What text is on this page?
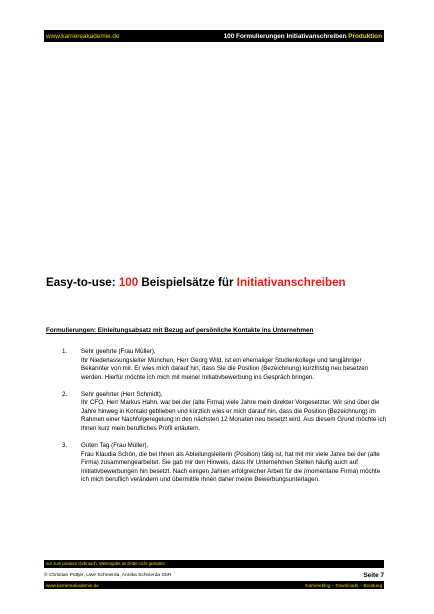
www.karriereakademie.de	100 Formulierungen Initiativanschreiben Produktion
Easy-to-use: 100 Beispielsätze für Initiativanschreiben
Formulierungen: Einleitungsabsatz mit Bezug auf persönliche Kontakte ins Unternehmen
1.	Sehr geehrte (Frau Müller),
Ihr Niederlassungsleiter München, Herr Georg Wild, ist ein ehemaliger Studienkollege und langjähriger Bekannter von mir. Er wies mich darauf hin, dass Sie die Position (Bezeichnung) kurzfristig neu besetzen werden. Hierfür möchte ich mich mit meiner Initiativbewerbung ins Gespräch bringen.
2.	Sehr geehrter (Herr Schmidt),
Ihr CFO, Herr Markus Hahn, war bei der (alte Firma) viele Jahre mein direkter Vorgesetzter. Wir sind über die Jahre hinweg in Kontakt geblieben und kürzlich wies er mich darauf hin, dass die Position (Bezeichnung) im Rahmen einer Nachfolgeregelung in den nächsten 12 Monaten neu besetzt wird. Aus diesem Grund möchte ich Ihnen kurz mein berufliches Profil erläutern.
3.	Guten Tag (Frau Müller),
Frau Klaudia Schön, die bei Ihnen als Abteilungsleiterin (Position) tätig ist, hat mit mir viele Jahre bei der (alte Firma) zusammengearbeitet. Sie gab mir den Hinweis, dass Ihr Unternehmen Stellen häufig auch auf Initiativbewerbungen hin besetzt. Nach einigen Jahren erfolgreicher Arbeit für die (momentane Firma) möchte ich mich beruflich verändern und übermittle Ihnen daher meine Bewerbungsunterlagen.
nur zum privaten Gebrauch, Weitergabe an Dritte nicht gestattet
© Christian Püttjer, Uwe Schnierda, Annika Schnierda GbR	Seite 7
www.karriereakademie.de	Karriereblog – Downloads – Beratung
